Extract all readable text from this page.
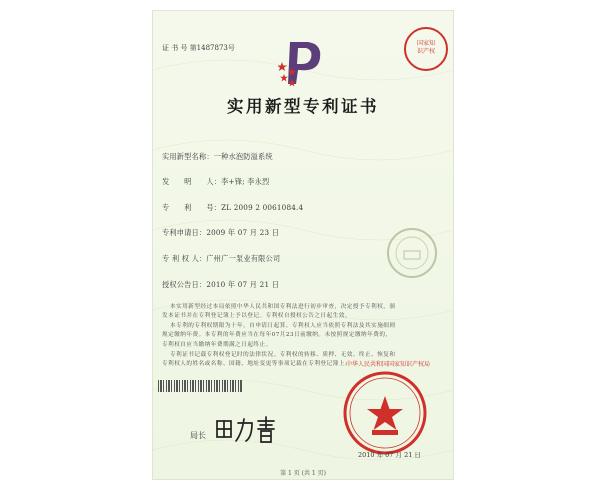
证 书 号 第1487873号
国家知
识产权
实用新型专利证书
实用新型名称：一种水泡防溢系统
发　　明　　人：李+锋; 李永烈
专　　利　　号：ZL 2009 2 0061084.4
专利申请日：2009 年 07 月 23 日
专 利 权 人：广州广一泵业有限公司
授权公告日：2010 年 07 月 21 日

本实用新型经过本局依照中华人民共和国专利法进行初步审查，决定授予专利权，颁

发本证书并在专利登记簿上予以登记。专利权自授权公告之日起生效。

本专利的专利权期限为十年，自申请日起算。专利权人应当依照专利法及其实施细则

规定缴纳年费。本专利的年费应当在每年07月23日前缴纳。未按照规定缴纳年费的，

专利权自应当缴纳年费期满之日起终止。

专利证书记载专利权登记时的法律状况。专利权的转移、质押、无效、终止、恢复和

专利权人的姓名或名称、国籍、地址变更等事项记载在专利登记簿上。

局长
中华人民共和国国家知识产权局
2010 年 07 月 21 日
第 1 页 (共 1 页)
